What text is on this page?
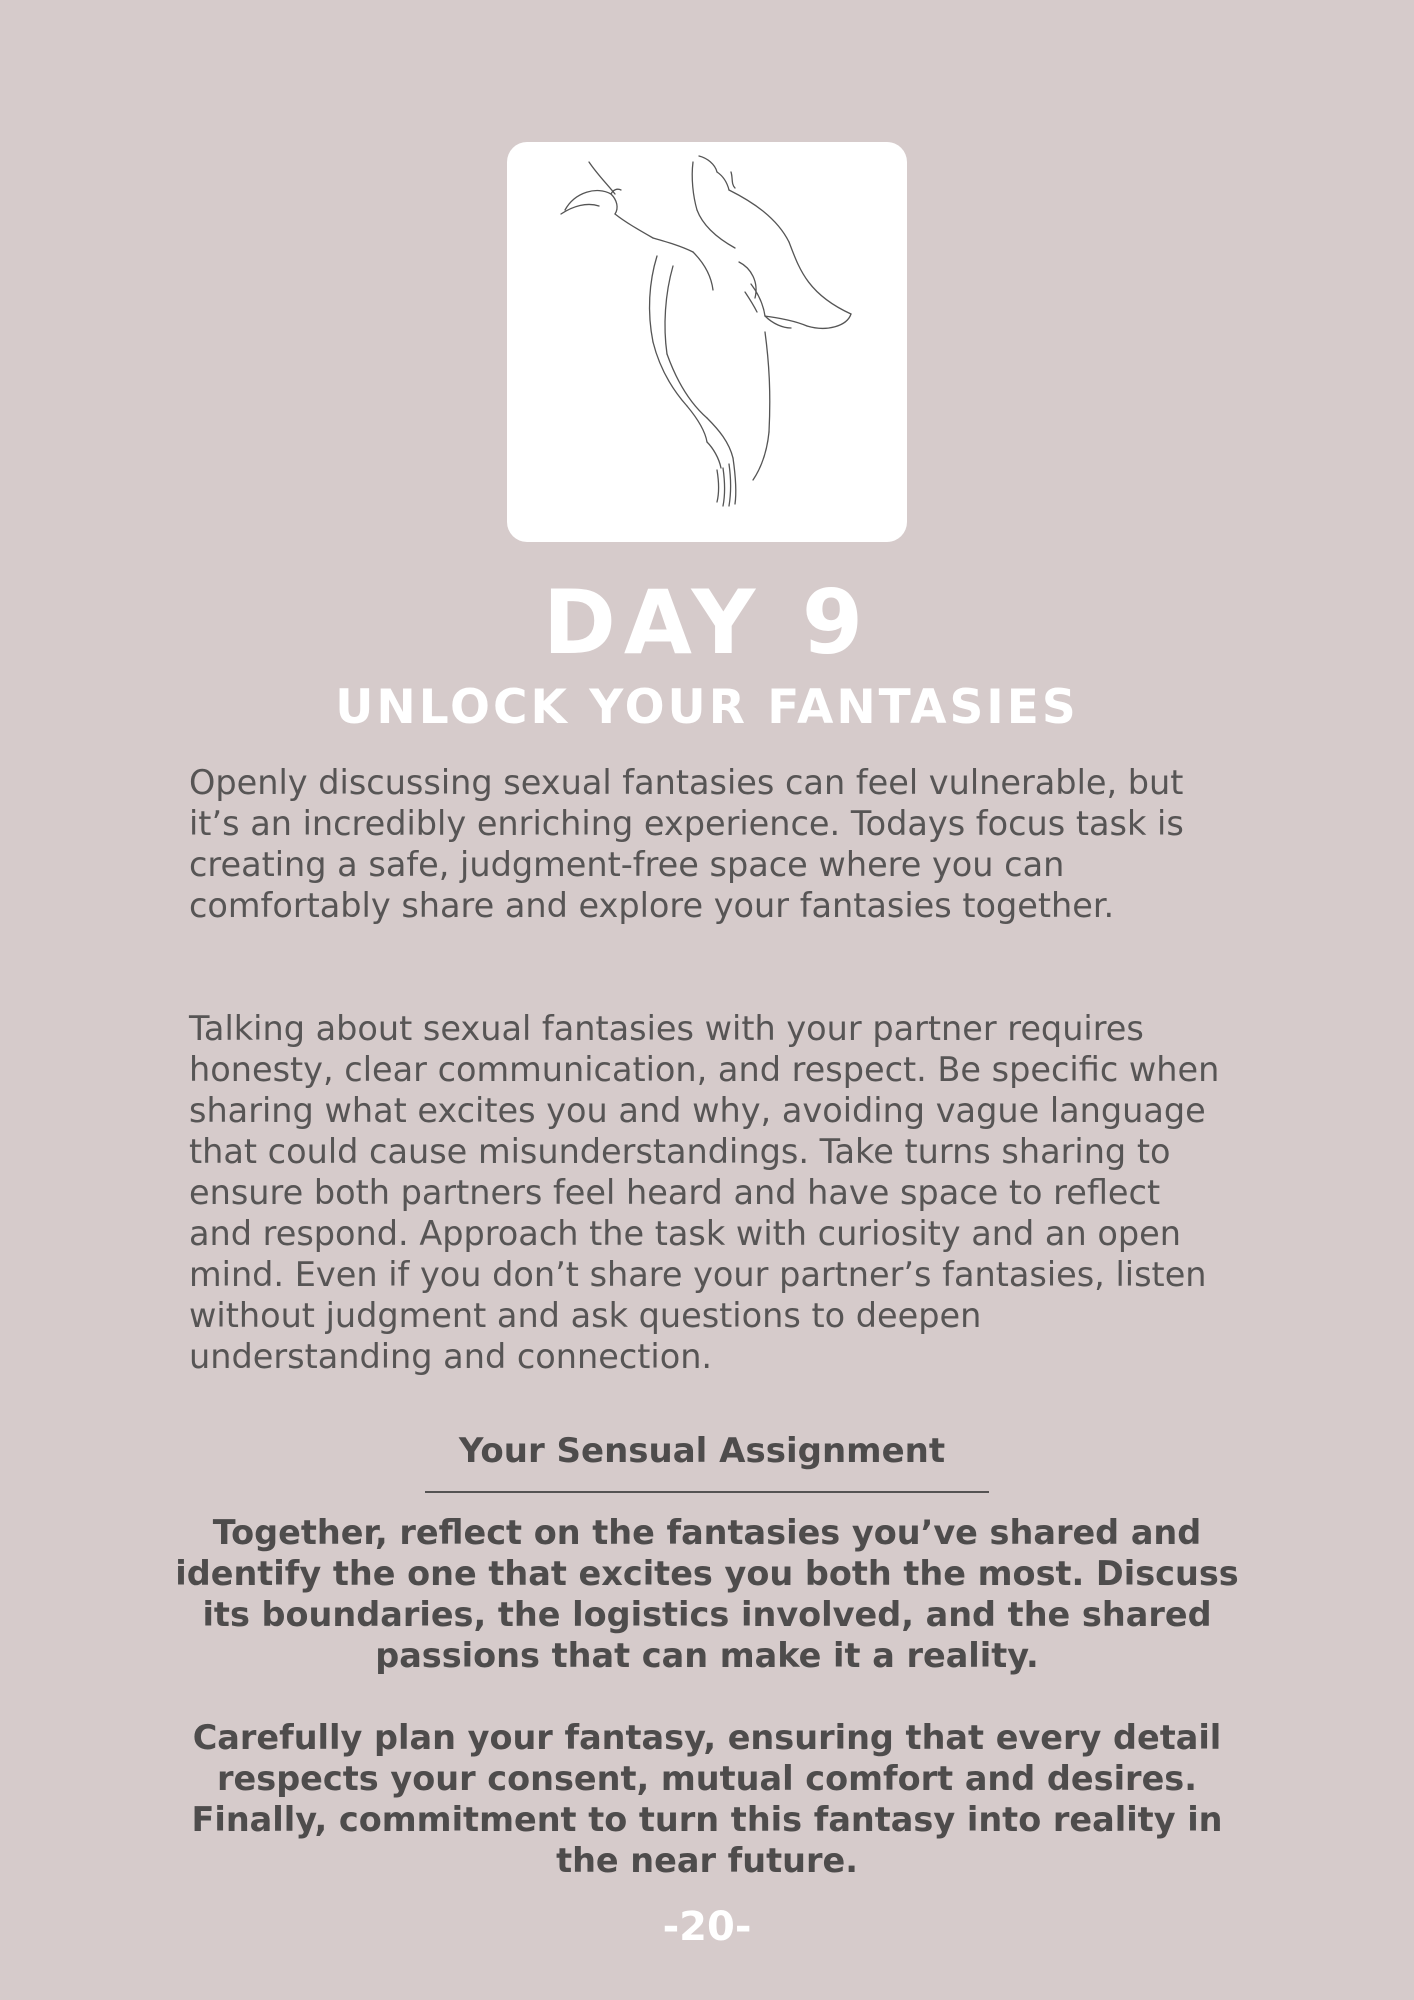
DAY 9
UNLOCK YOUR FANTASIES

Openly discussing sexual fantasies can feel vulnerable, but it’s an incredibly enriching experience. Todays focus task is creating a safe, judgment-free space where you can comfortably share and explore your fantasies together.

Talking about sexual fantasies with your partner requires honesty, clear communication, and respect. Be specific when sharing what excites you and why, avoiding vague language that could cause misunderstandings. Take turns sharing to ensure both partners feel heard and have space to reflect and respond. Approach the task with curiosity and an open mind. Even if you don’t share your partner’s fantasies, listen without judgment and ask questions to deepen understanding and connection.

Your Sensual Assignment

Together, reflect on the fantasies you’ve shared and identify the one that excites you both the most. Discuss its boundaries, the logistics involved, and the shared passions that can make it a reality.

Carefully plan your fantasy, ensuring that every detail respects your consent, mutual comfort and desires. Finally, commitment to turn this fantasy into reality in the near future.

-20-
